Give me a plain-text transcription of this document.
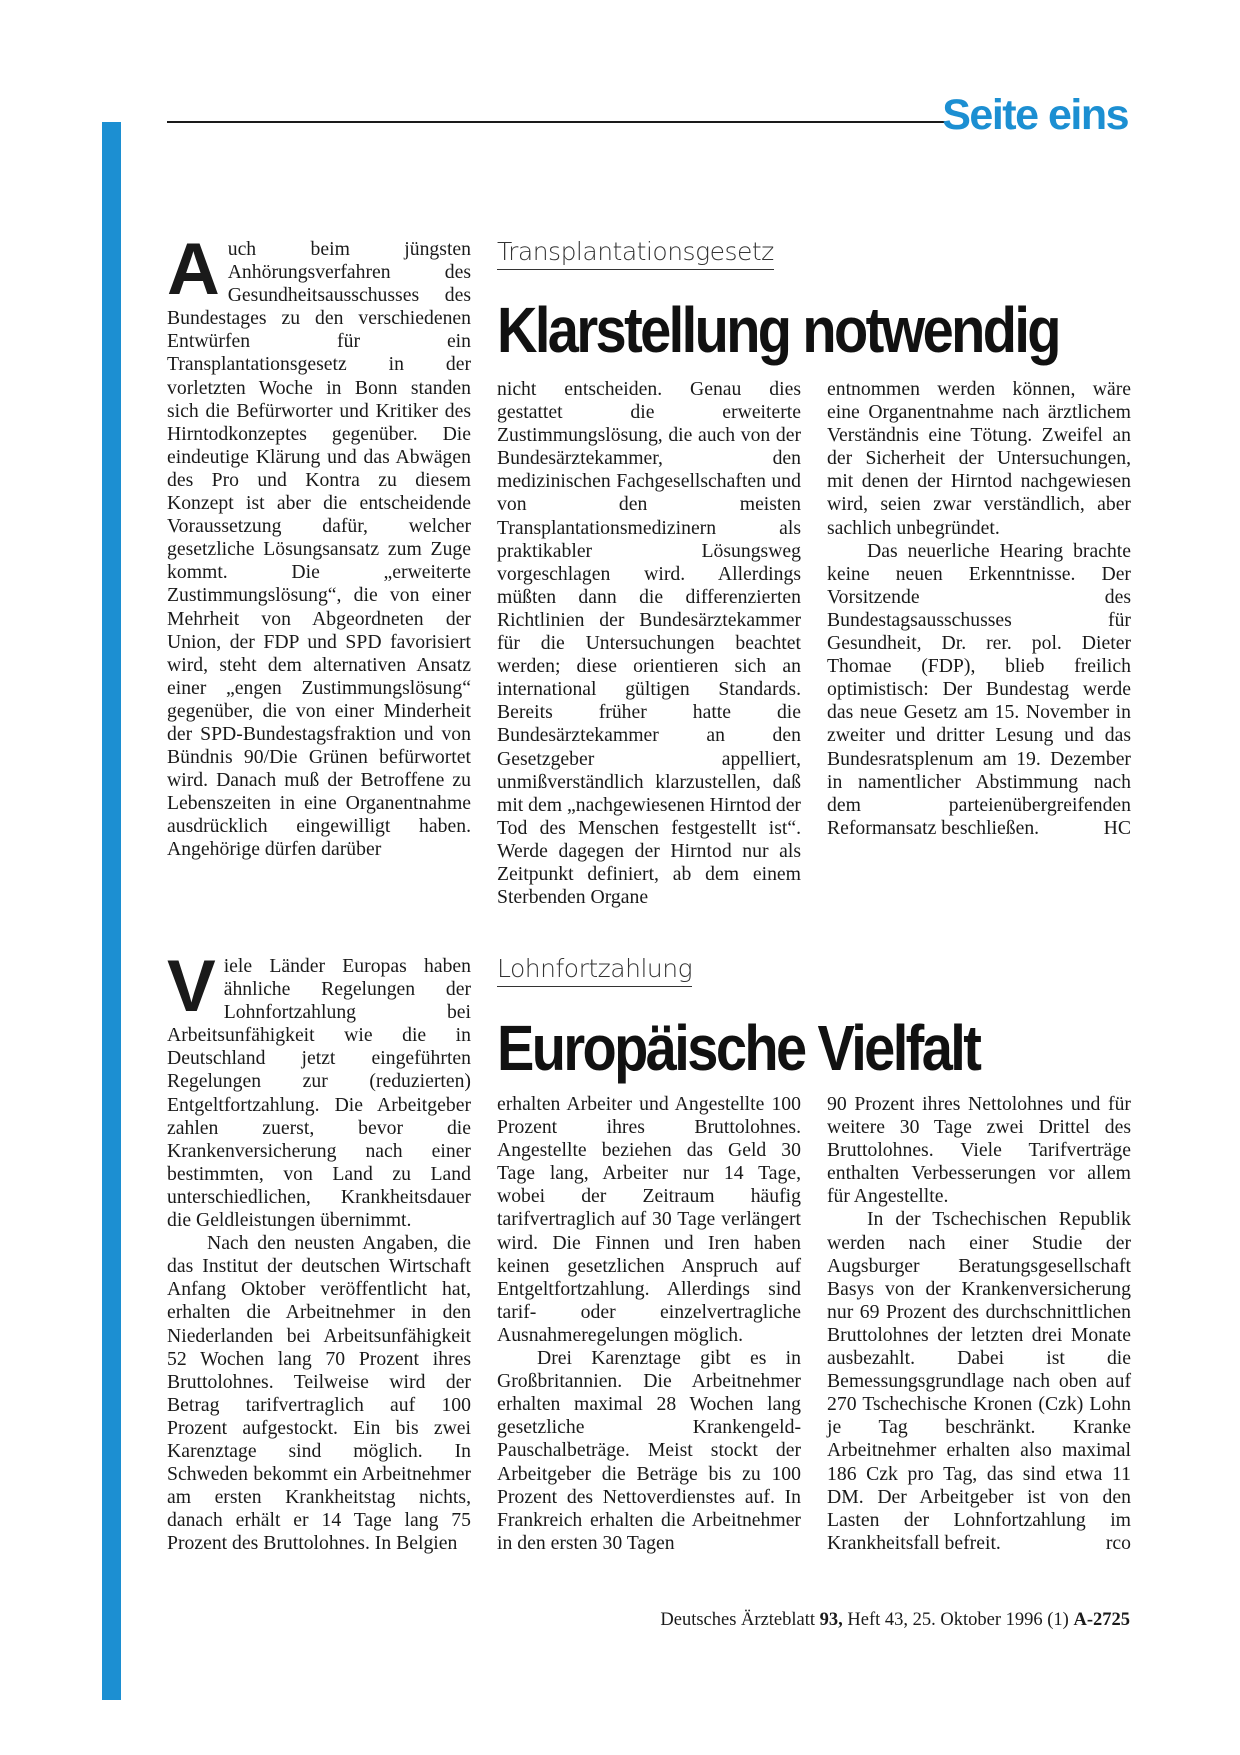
Seite eins
A uch beim jüngsten Anhörungsverfahren des Gesundheitsausschusses des Bundestages zu den verschiedenen Entwürfen für ein Transplantationsgesetz in der vorletzten Woche in Bonn standen sich die Befürworter und Kritiker des Hirntodkonzeptes gegenüber. Die eindeutige Klärung und das Abwägen des Pro und Kontra zu diesem Konzept ist aber die entscheidende Voraussetzung dafür, welcher gesetzliche Lösungsansatz zum Zuge kommt. Die „erweiterte Zustimmungslösung“, die von einer Mehrheit von Abgeordneten der Union, der FDP und SPD favorisiert wird, steht dem alternativen Ansatz einer „engen Zustimmungslösung“ gegenüber, die von einer Minderheit der SPD-Bundestagsfraktion und von Bündnis 90/Die Grünen befürwortet wird. Danach muß der Betroffene zu Lebenszeiten in eine Organentnahme ausdrücklich eingewilligt haben. Angehörige dürfen darüber

Transplantationsgesetz
Klarstellung notwendig

nicht entscheiden. Genau dies gestattet die erweiterte Zustimmungslösung, die auch von der Bundesärztekammer, den medizinischen Fachgesellschaften und von den meisten Transplantationsmedizinern als praktikabler Lösungsweg vorgeschlagen wird. Allerdings müßten dann die differenzierten Richtlinien der Bundesärztekammer für die Untersuchungen beachtet werden; diese orientieren sich an international gültigen Standards. Bereits früher hatte die Bundesärztekammer an den Gesetzgeber appelliert, unmißverständlich klarzustellen, daß mit dem „nachgewiesenen Hirntod der Tod des Menschen festgestellt ist“. Werde dagegen der Hirntod nur als Zeitpunkt definiert, ab dem einem Sterbenden Organe

entnommen werden können, wäre eine Organentnahme nach ärztlichem Verständnis eine Tötung. Zweifel an der Sicherheit der Untersuchungen, mit denen der Hirntod nachgewiesen wird, seien zwar verständlich, aber sachlich unbegründet.

Das neuerliche Hearing brachte keine neuen Erkenntnisse. Der Vorsitzende des Bundestagsausschusses für Gesundheit, Dr. rer. pol. Dieter Thomae (FDP), blieb freilich optimistisch: Der Bundestag werde das neue Gesetz am 15. November in zweiter und dritter Lesung und das Bundesratsplenum am 19. Dezember in namentlicher Abstimmung nach dem parteienübergreifenden Reformansatz beschließen.	HC

V iele Länder Europas haben ähnliche Regelungen der Lohnfortzahlung bei Arbeitsunfähigkeit wie die in Deutschland jetzt eingeführten Regelungen zur (reduzierten) Entgeltfortzahlung. Die Arbeitgeber zahlen zuerst, bevor die Krankenversicherung nach einer bestimmten, von Land zu Land unterschiedlichen, Krankheitsdauer die Geldleistungen übernimmt.

Nach den neusten Angaben, die das Institut der deutschen Wirtschaft Anfang Oktober veröffentlicht hat, erhalten die Arbeitnehmer in den Niederlanden bei Arbeitsunfähigkeit 52 Wochen lang 70 Prozent ihres Bruttolohnes. Teilweise wird der Betrag tarifvertraglich auf 100 Prozent aufgestockt. Ein bis zwei Karenztage sind möglich. In Schweden bekommt ein Arbeitnehmer am ersten Krankheitstag nichts, danach erhält er 14 Tage lang 75 Prozent des Bruttolohnes. In Belgien

Lohnfortzahlung
Europäische Vielfalt

erhalten Arbeiter und Angestellte 100 Prozent ihres Bruttolohnes. Angestellte beziehen das Geld 30 Tage lang, Arbeiter nur 14 Tage, wobei der Zeitraum häufig tarifvertraglich auf 30 Tage verlängert wird. Die Finnen und Iren haben keinen gesetzlichen Anspruch auf Entgeltfortzahlung. Allerdings sind tarif- oder einzelvertragliche Ausnahmeregelungen möglich.

Drei Karenztage gibt es in Großbritannien. Die Arbeitnehmer erhalten maximal 28 Wochen lang gesetzliche Krankengeld-Pauschalbeträge. Meist stockt der Arbeitgeber die Beträge bis zu 100 Prozent des Nettoverdienstes auf. In Frankreich erhalten die Arbeitnehmer in den ersten 30 Tagen

90 Prozent ihres Nettolohnes und für weitere 30 Tage zwei Drittel des Bruttolohnes. Viele Tarifverträge enthalten Verbesserungen vor allem für Angestellte.

In der Tschechischen Republik werden nach einer Studie der Augsburger Beratungsgesellschaft Basys von der Krankenversicherung nur 69 Prozent des durchschnittlichen Bruttolohnes der letzten drei Monate ausbezahlt. Dabei ist die Bemessungsgrundlage nach oben auf 270 Tschechische Kronen (Czk) Lohn je Tag beschränkt. Kranke Arbeitnehmer erhalten also maximal 186 Czk pro Tag, das sind etwa 11 DM. Der Arbeitgeber ist von den Lasten der Lohnfortzahlung im Krankheitsfall befreit.	rco

Deutsches Ärzteblatt 93, Heft 43, 25. Oktober 1996 (1) A-2725
